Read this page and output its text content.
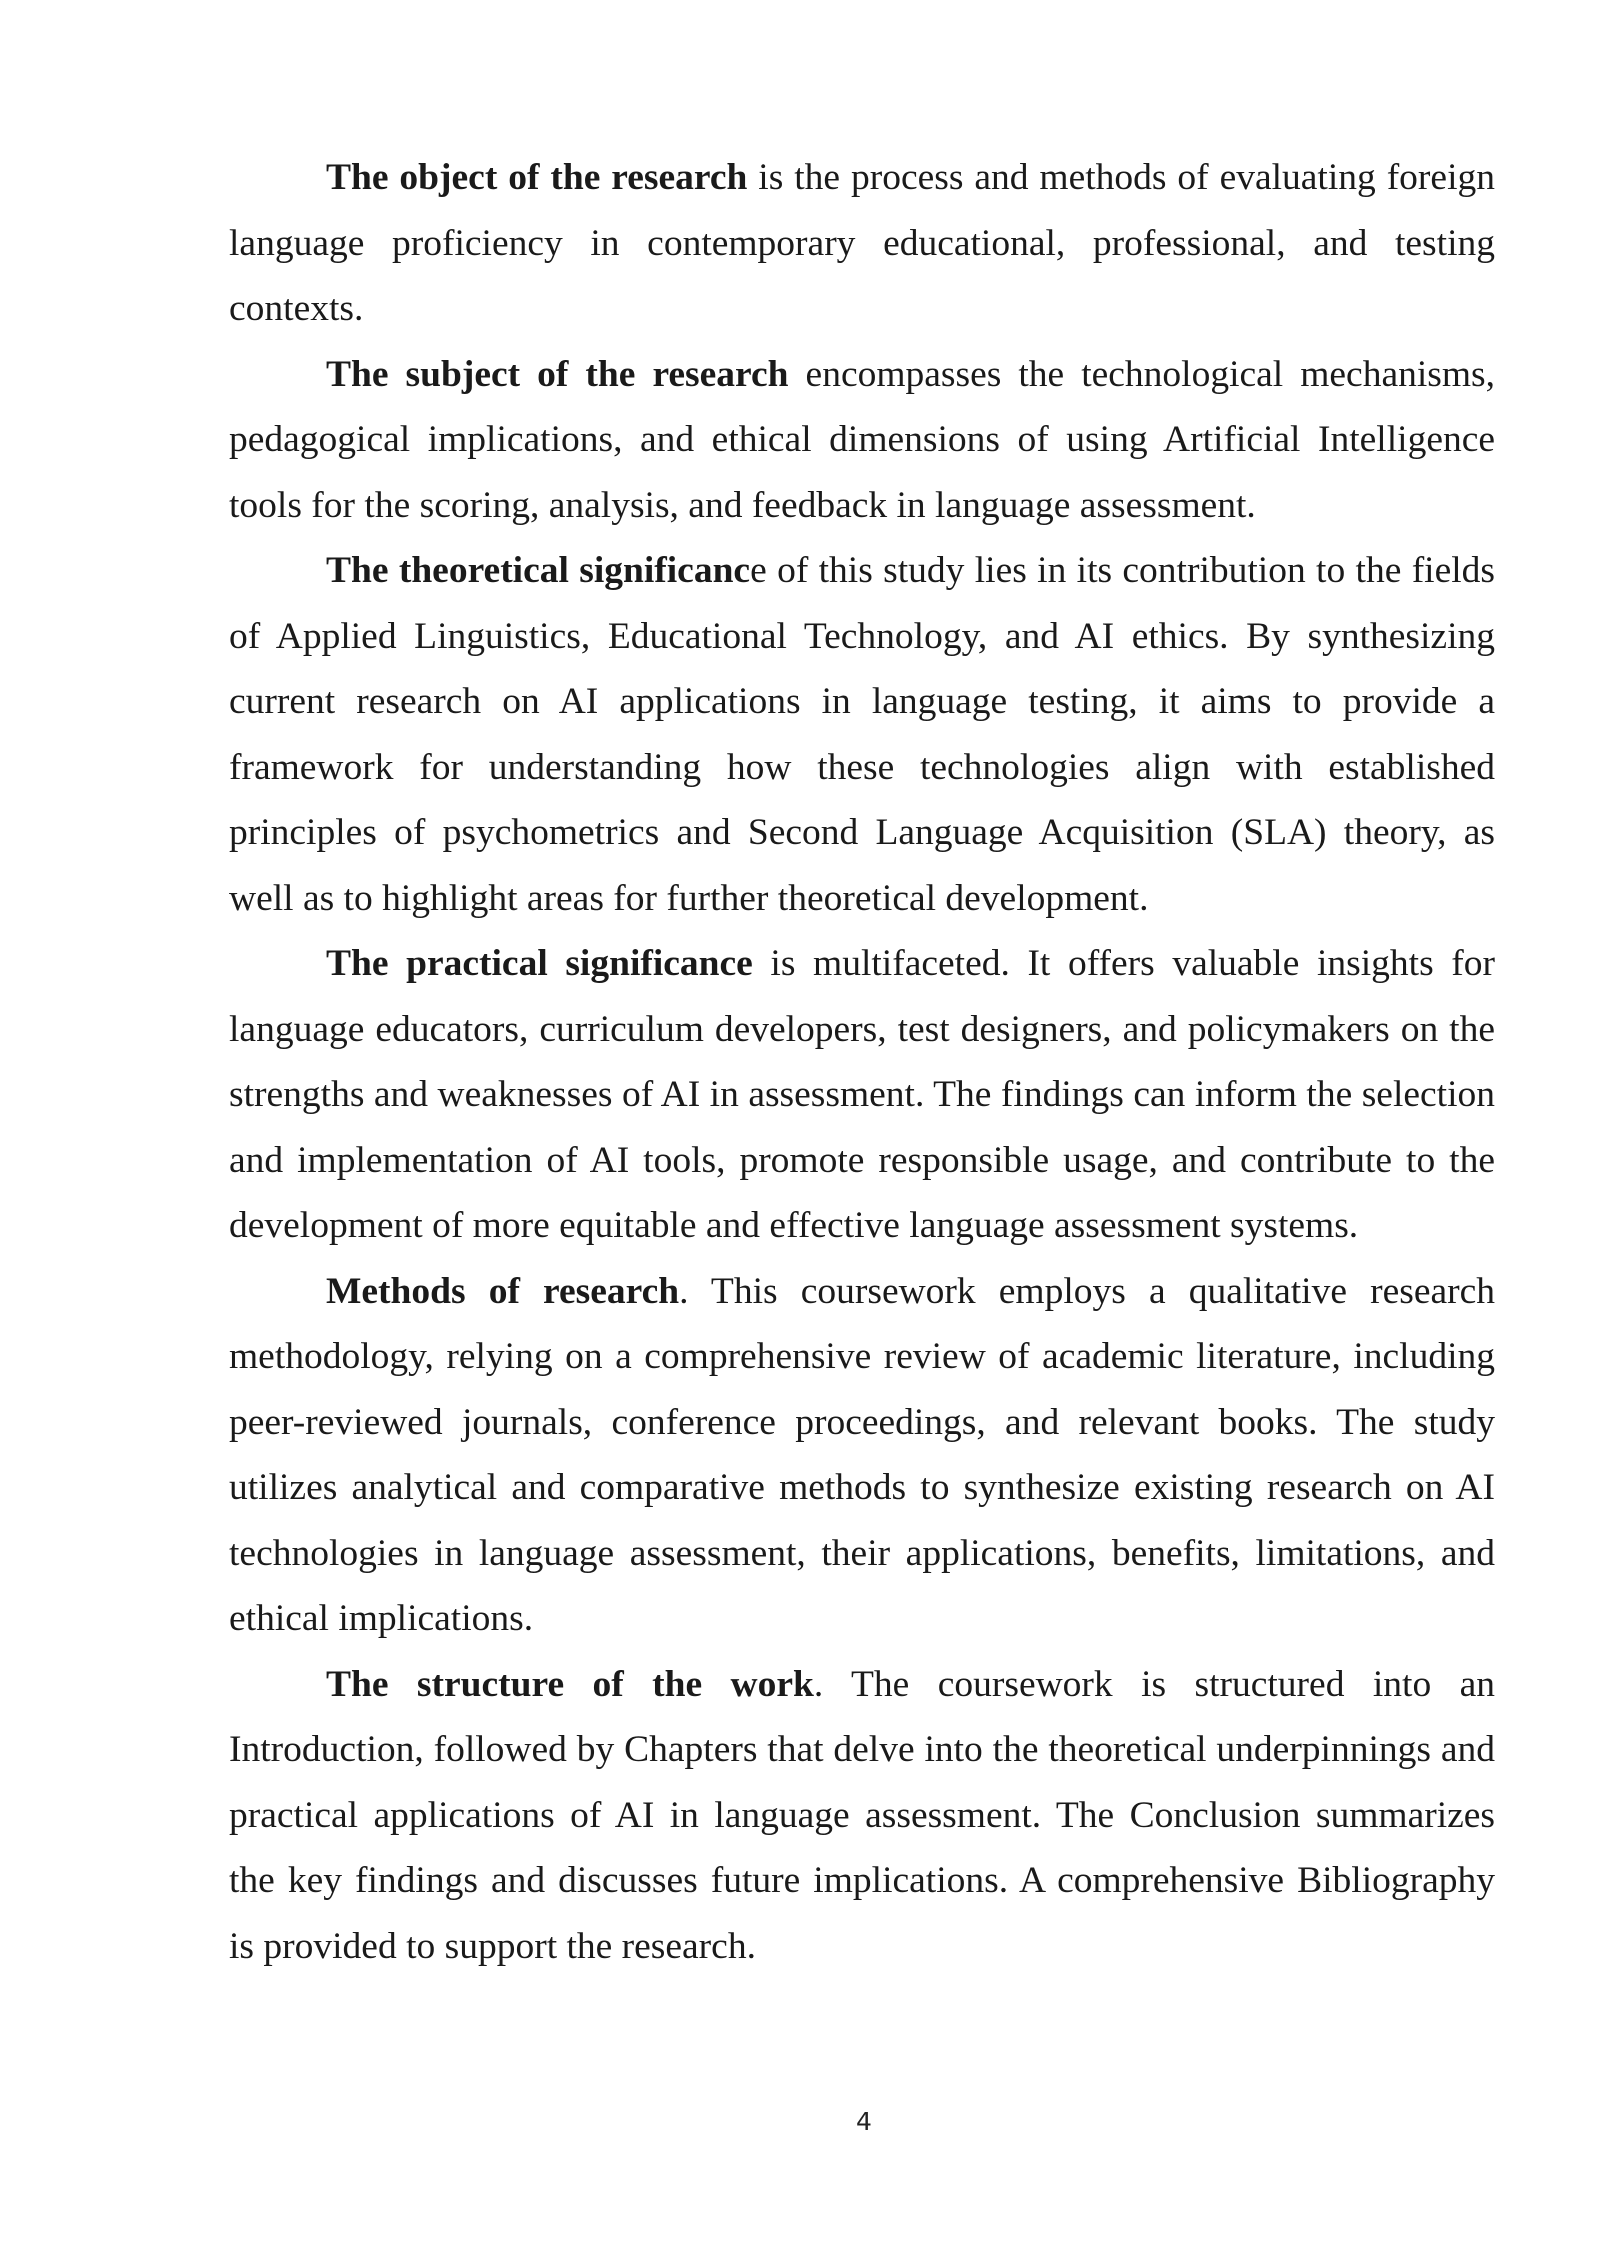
The object of the research is the process and methods of evaluating foreign language proficiency in contemporary educational, professional, and testing contexts.

The subject of the research encompasses the technological mechanisms, pedagogical implications, and ethical dimensions of using Artificial Intelligence tools for the scoring, analysis, and feedback in language assessment.

The theoretical significance of this study lies in its contribution to the fields of Applied Linguistics, Educational Technology, and AI ethics. By synthesizing current research on AI applications in language testing, it aims to provide a framework for understanding how these technologies align with established principles of psychometrics and Second Language Acquisition (SLA) theory, as well as to highlight areas for further theoretical development.

The practical significance is multifaceted. It offers valuable insights for language educators, curriculum developers, test designers, and policymakers on the strengths and weaknesses of AI in assessment. The findings can inform the selection and implementation of AI tools, promote responsible usage, and contribute to the development of more equitable and effective language assessment systems.

Methods of research. This coursework employs a qualitative research methodology, relying on a comprehensive review of academic literature, including peer-reviewed journals, conference proceedings, and relevant books. The study utilizes analytical and comparative methods to synthesize existing research on AI technologies in language assessment, their applications, benefits, limitations, and ethical implications.

The structure of the work. The coursework is structured into an Introduction, followed by Chapters that delve into the theoretical underpinnings and practical applications of AI in language assessment. The Conclusion summarizes the key findings and discusses future implications. A comprehensive Bibliography is provided to support the research.

4
